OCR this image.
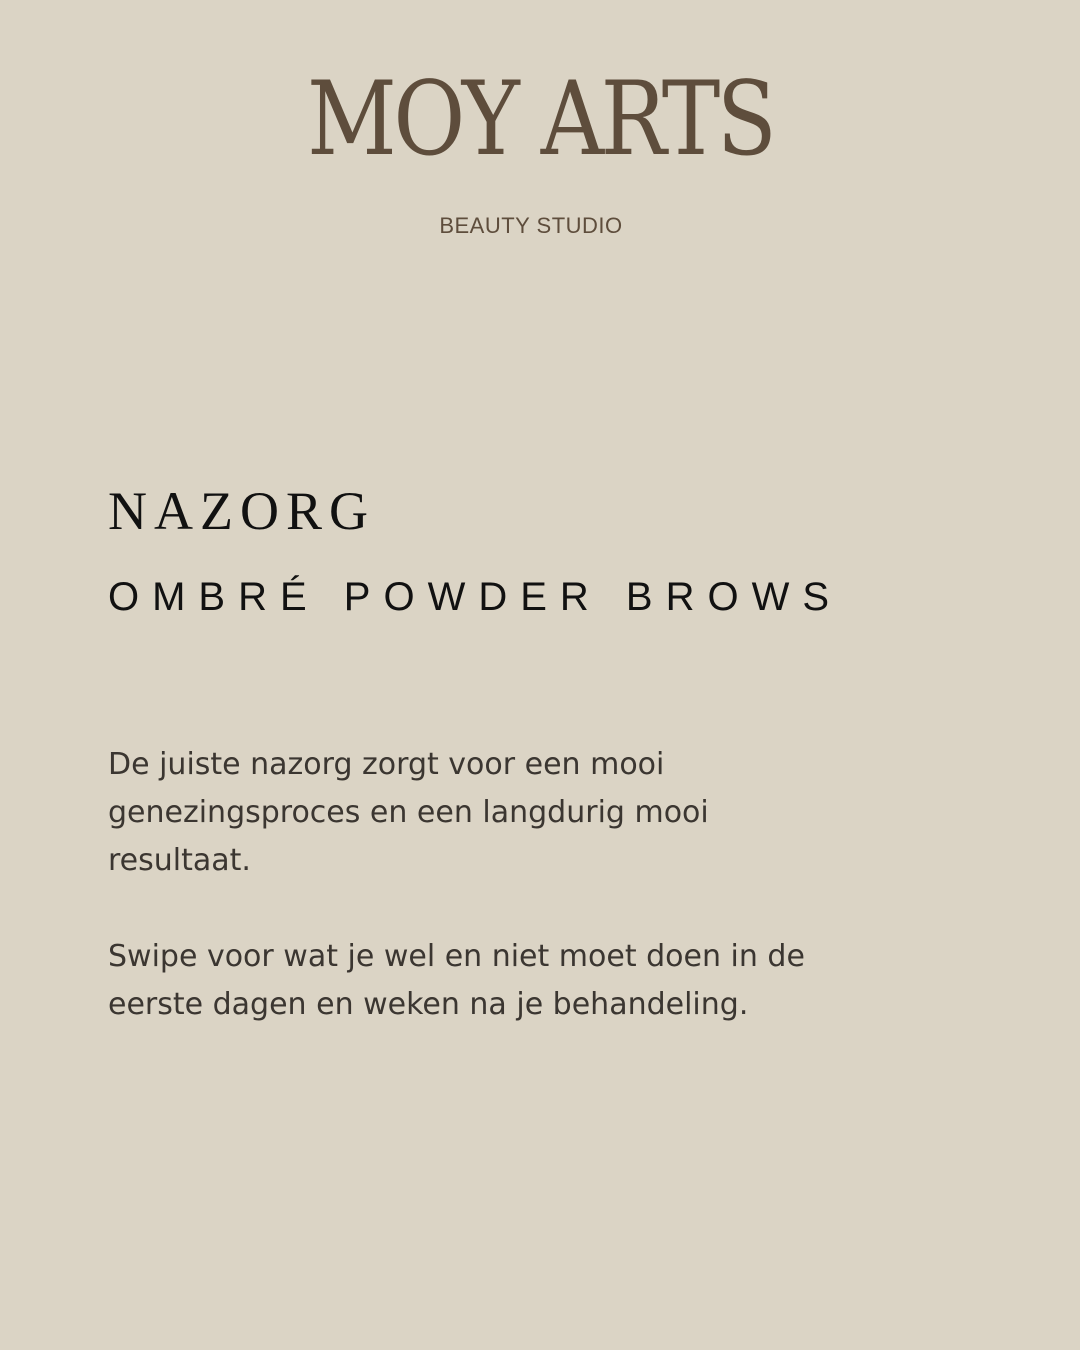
MOY ARTS
BEAUTY STUDIO
NAZORG
OMBRÉ POWDER BROWS

De juiste nazorg zorgt voor een mooi genezingsproces en een langdurig mooi resultaat.

Swipe voor wat je wel en niet moet doen in de eerste dagen en weken na je behandeling.
